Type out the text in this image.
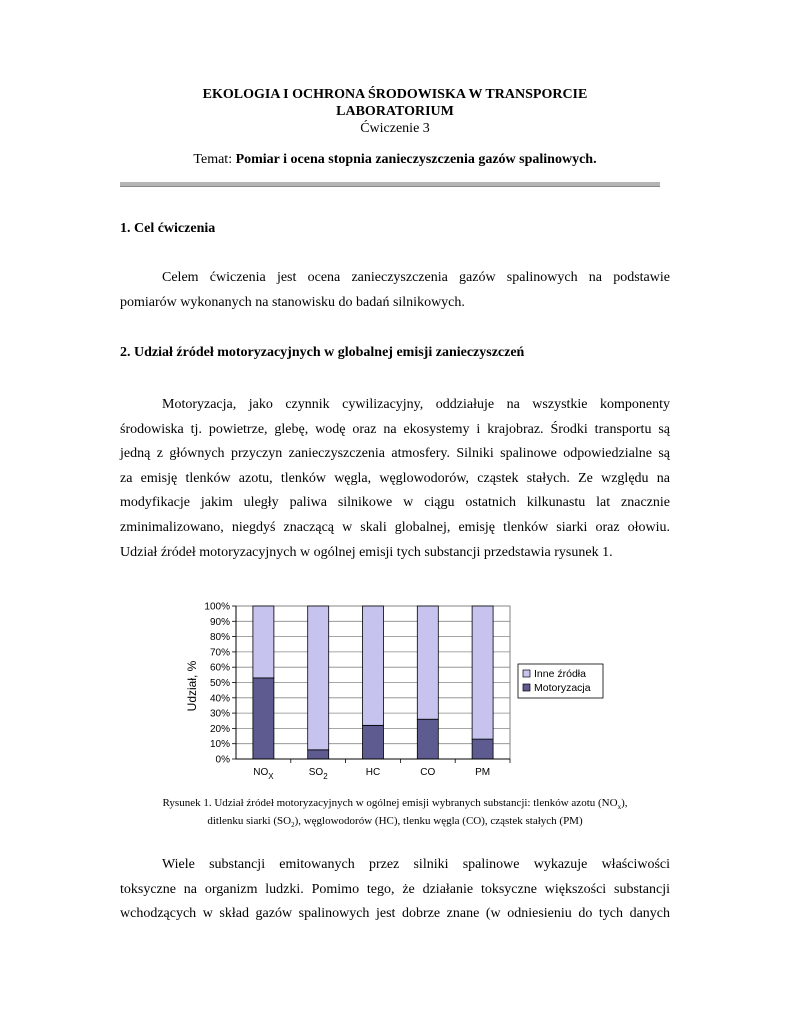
EKOLOGIA I OCHRONA ŚRODOWISKA W TRANSPORCIE
LABORATORIUM
Ćwiczenie 3
Temat: Pomiar i ocena stopnia zanieczyszczenia gazów spalinowych.
1. Cel ćwiczenia
Celem ćwiczenia jest ocena zanieczyszczenia gazów spalinowych na podstawie
pomiarów wykonanych na stanowisku do badań silnikowych.
2. Udział źródeł motoryzacyjnych w globalnej emisji zanieczyszczeń
Motoryzacja, jako czynnik cywilizacyjny, oddziałuje na wszystkie komponenty
środowiska tj. powietrze, glebę, wodę oraz na ekosystemy i krajobraz. Środki transportu są
jedną z głównych przyczyn zanieczyszczenia atmosfery. Silniki spalinowe odpowiedzialne są
za emisję tlenków azotu, tlenków węgla, węglowodorów, cząstek stałych. Ze względu na
modyfikacje jakim uległy paliwa silnikowe w ciągu ostatnich kilkunastu lat znacznie
zminimalizowano, niegdyś znaczącą w skali globalnej, emisję tlenków siarki oraz ołowiu.
Udział źródeł motoryzacyjnych w ogólnej emisji tych substancji przedstawia rysunek 1.
0%
10%
20%
30%
40%
50%
60%
70%
80%
90%
100%
$NO_X$	$SO_2$	HC	CO	PM
Udział, %	Inne źródła
Motoryzacja
Rysunek 1. Udział źródeł motoryzacyjnych w ogólnej emisji wybranych substancji: tlenków azotu $(NO_x)$,
ditlenku siarki $(SO_2)$, węglowodorów (HC), tlenku węgla (CO), cząstek stałych (PM)
Wiele substancji emitowanych przez silniki spalinowe wykazuje właściwości
toksyczne na organizm ludzki. Pomimo tego, że działanie toksyczne większości substancji
wchodzących w skład gazów spalinowych jest dobrze znane (w odniesieniu do tych danych
